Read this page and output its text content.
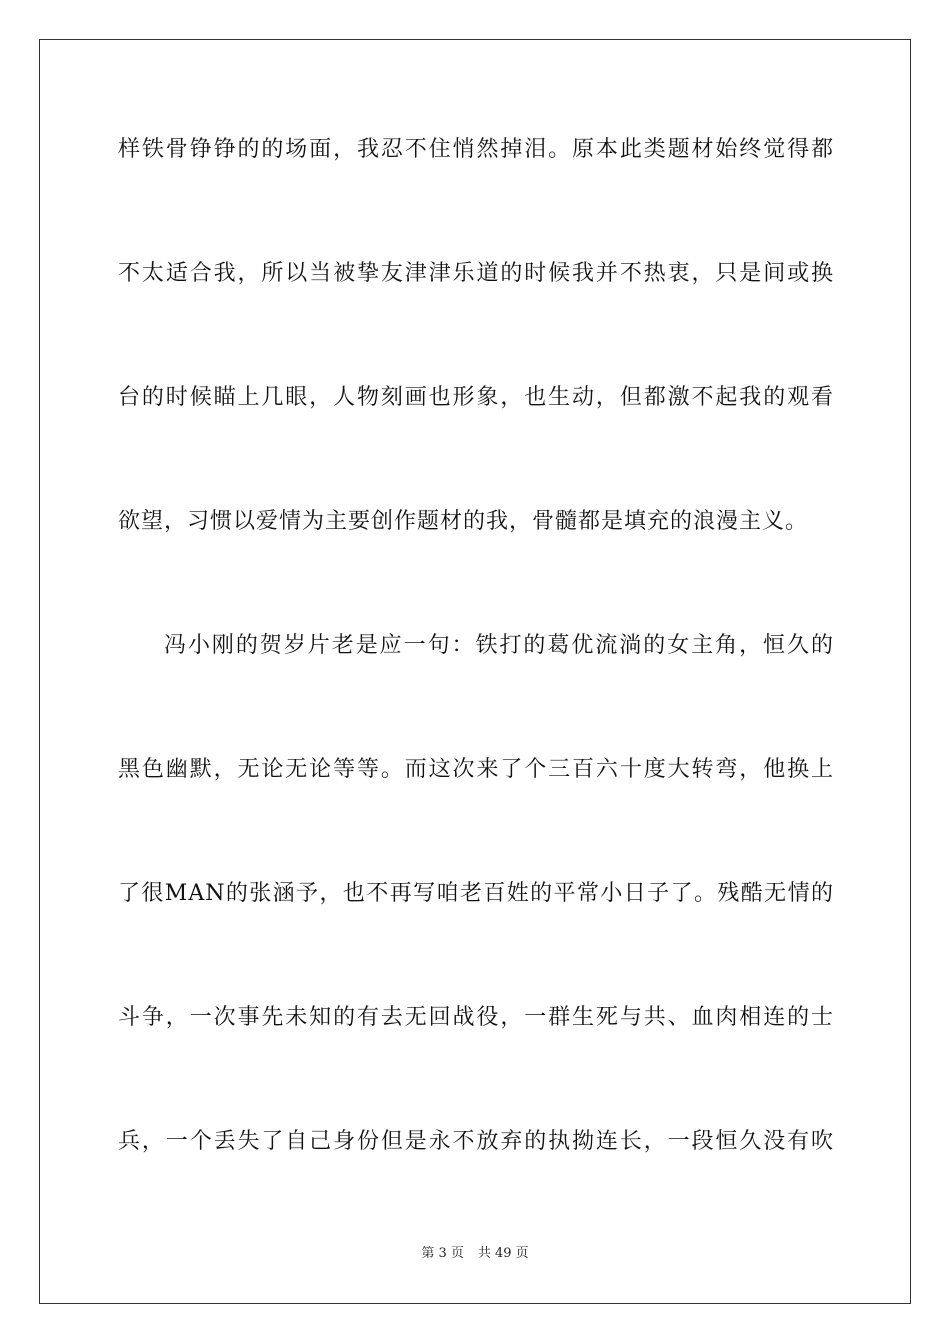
样铁骨铮铮的的场面，我忍不住悄然掉泪。原本此类题材始终觉得都
不太适合我，所以当被挚友津津乐道的时候我并不热衷，只是间或换
台的时候瞄上几眼，人物刻画也形象，也生动，但都激不起我的观看
欲望，习惯以爱情为主要创作题材的我，骨髓都是填充的浪漫主义。
冯小刚的贺岁片老是应一句：铁打的葛优流淌的女主角，恒久的
黑色幽默，无论无论等等。而这次来了个三百六十度大转弯，他换上
了很MAN的张涵予，也不再写咱老百姓的平常小日子了。残酷无情的
斗争，一次事先未知的有去无回战役，一群生死与共、血肉相连的士
兵，一个丢失了自己身份但是永不放弃的执拗连长，一段恒久没有吹
第 3 页 共 49 页
